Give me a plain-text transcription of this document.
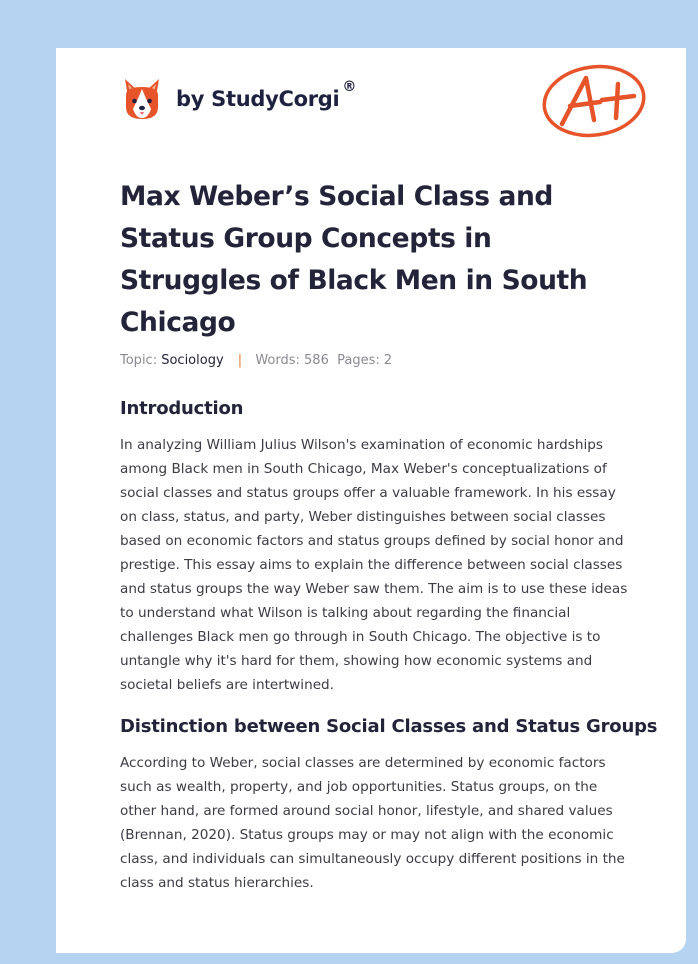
by StudyCorgi ®
Max Weber’s Social Class and Status Group Concepts in Struggles of Black Men in South Chicago
Topic: Sociology | Words: 586 Pages: 2
Introduction

In analyzing William Julius Wilson's examination of economic hardships among Black men in South Chicago, Max Weber's conceptualizations of social classes and status groups offer a valuable framework. In his essay on class, status, and party, Weber distinguishes between social classes based on economic factors and status groups defined by social honor and prestige. This essay aims to explain the difference between social classes and status groups the way Weber saw them. The aim is to use these ideas to understand what Wilson is talking about regarding the financial challenges Black men go through in South Chicago. The objective is to untangle why it's hard for them, showing how economic systems and societal beliefs are intertwined.

Distinction between Social Classes and Status Groups

According to Weber, social classes are determined by economic factors such as wealth, property, and job opportunities. Status groups, on the other hand, are formed around social honor, lifestyle, and shared values (Brennan, 2020). Status groups may or may not align with the economic class, and individuals can simultaneously occupy different positions in the class and status hierarchies.
